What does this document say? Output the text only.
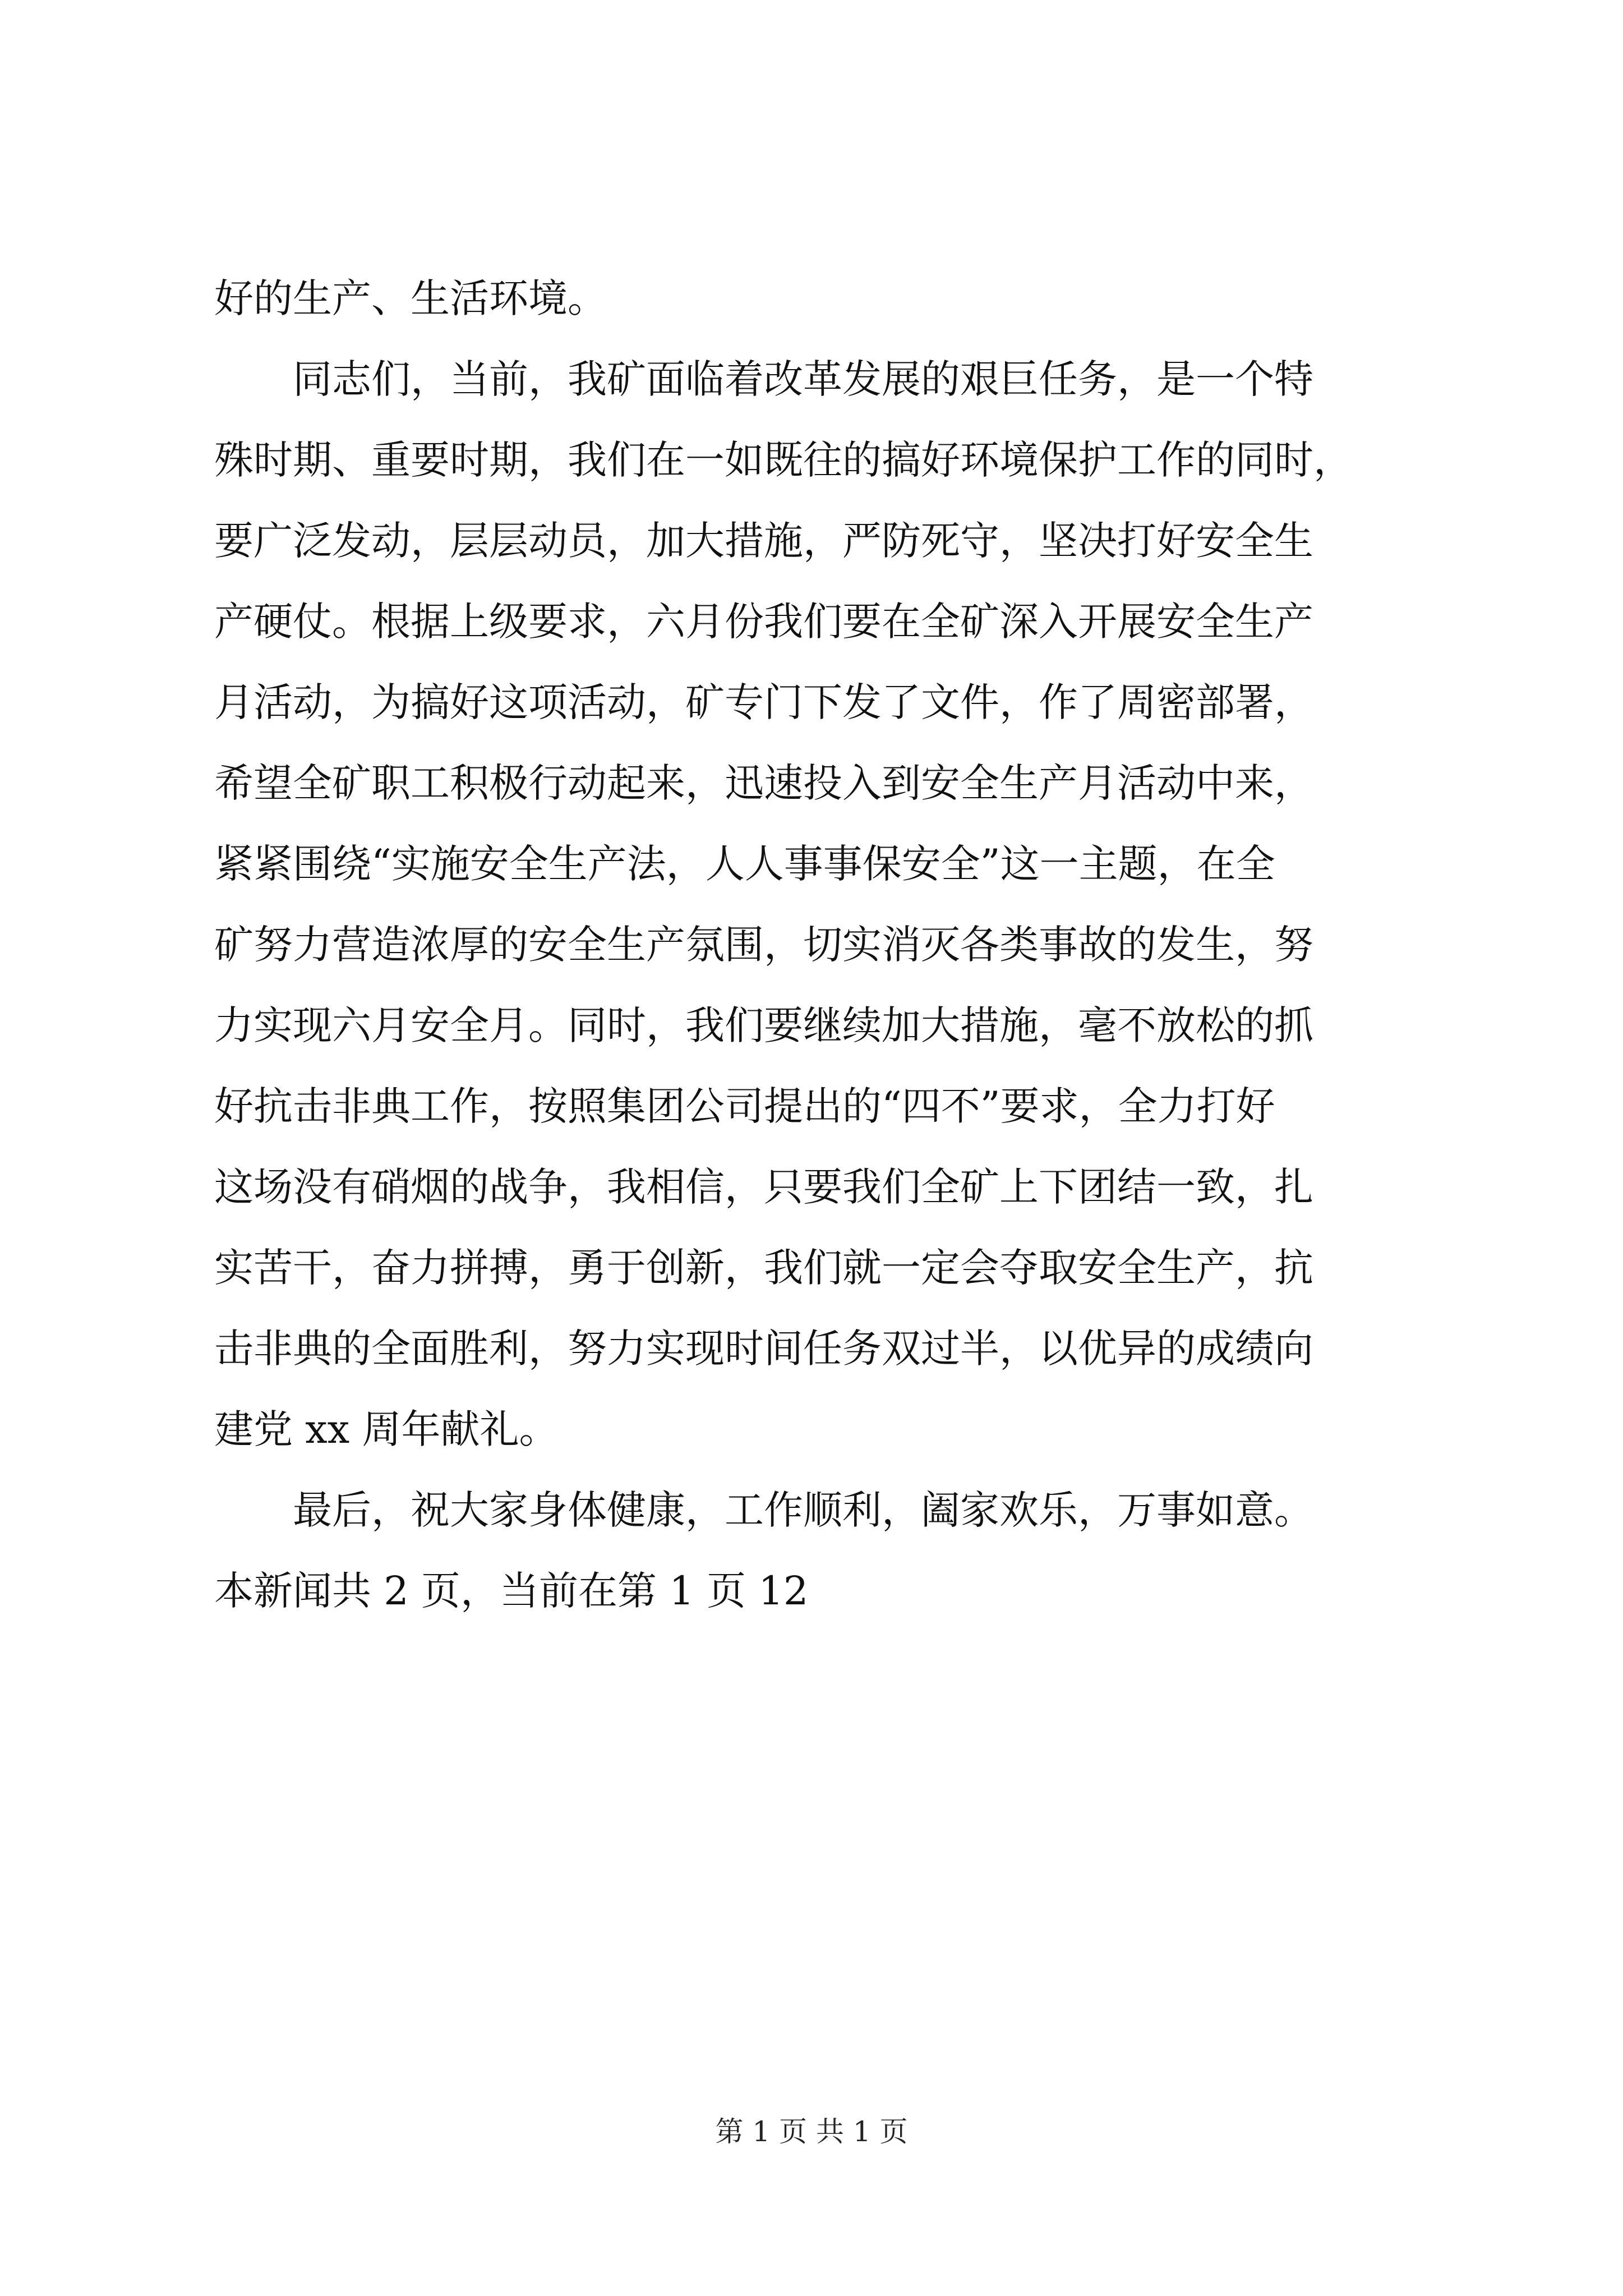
好的生产、生活环境。
　　同志们，当前，我矿面临着改革发展的艰巨任务，是一个特
殊时期、重要时期，我们在一如既往的搞好环境保护工作的同时，
要广泛发动，层层动员，加大措施，严防死守，坚决打好安全生
产硬仗。根据上级要求，六月份我们要在全矿深入开展安全生产
月活动，为搞好这项活动，矿专门下发了文件，作了周密部署，
希望全矿职工积极行动起来，迅速投入到安全生产月活动中来，
紧紧围绕“实施安全生产法，人人事事保安全”这一主题，在全
矿努力营造浓厚的安全生产氛围，切实消灭各类事故的发生，努
力实现六月安全月。同时，我们要继续加大措施，毫不放松的抓
好抗击非典工作，按照集团公司提出的“四不”要求，全力打好
这场没有硝烟的战争，我相信，只要我们全矿上下团结一致，扎
实苦干，奋力拼搏，勇于创新，我们就一定会夺取安全生产，抗
击非典的全面胜利，努力实现时间任务双过半，以优异的成绩向
建党 xx 周年献礼。
　　最后，祝大家身体健康，工作顺利，阖家欢乐，万事如意。
本新闻共 2 页，当前在第 1 页 12
第 1 页 共 1 页
